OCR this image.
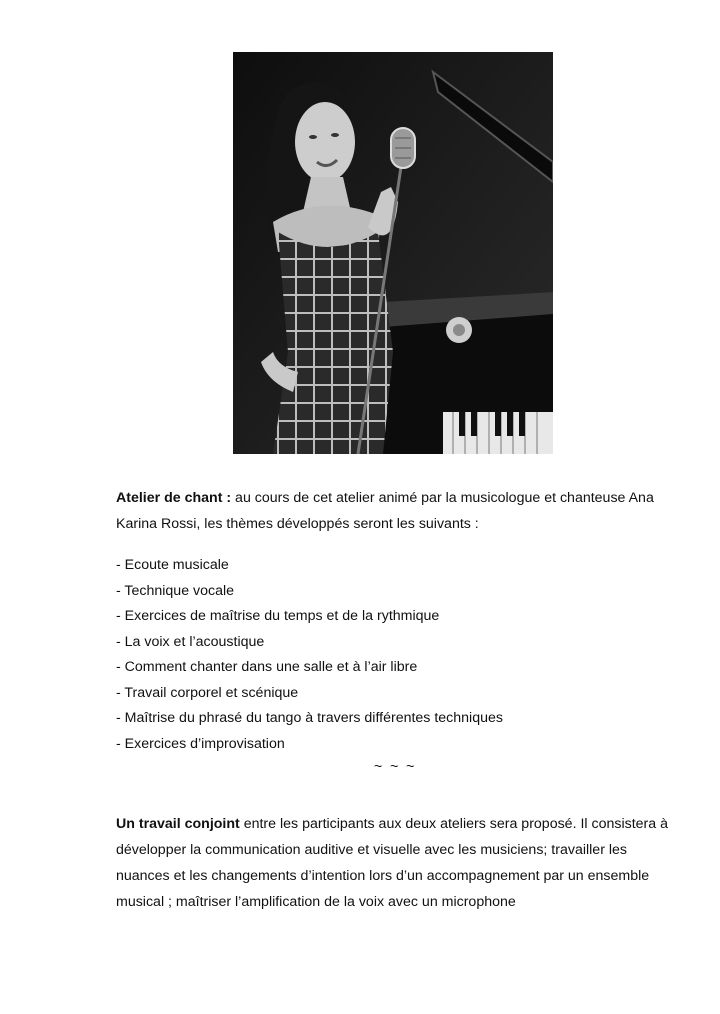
Atelier de chant : au cours de cet atelier animé par la musicologue et chanteuse Ana Karina Rossi, les thèmes développés seront les suivants :
- Ecoute musicale
- Technique vocale
- Exercices de maîtrise du temps et de la rythmique
- La voix et l’acoustique
- Comment chanter dans une salle et à l’air libre
- Travail corporel et scénique
- Maîtrise du phrasé du tango à travers différentes techniques
- Exercices d’improvisation
~ ~ ~
Un travail conjoint entre les participants aux deux ateliers sera proposé. Il consistera à développer la communication auditive et visuelle avec les musiciens; travailler les nuances et les changements d’intention lors d’un accompagnement par un ensemble musical ; maîtriser l’amplification de la voix avec un microphone
